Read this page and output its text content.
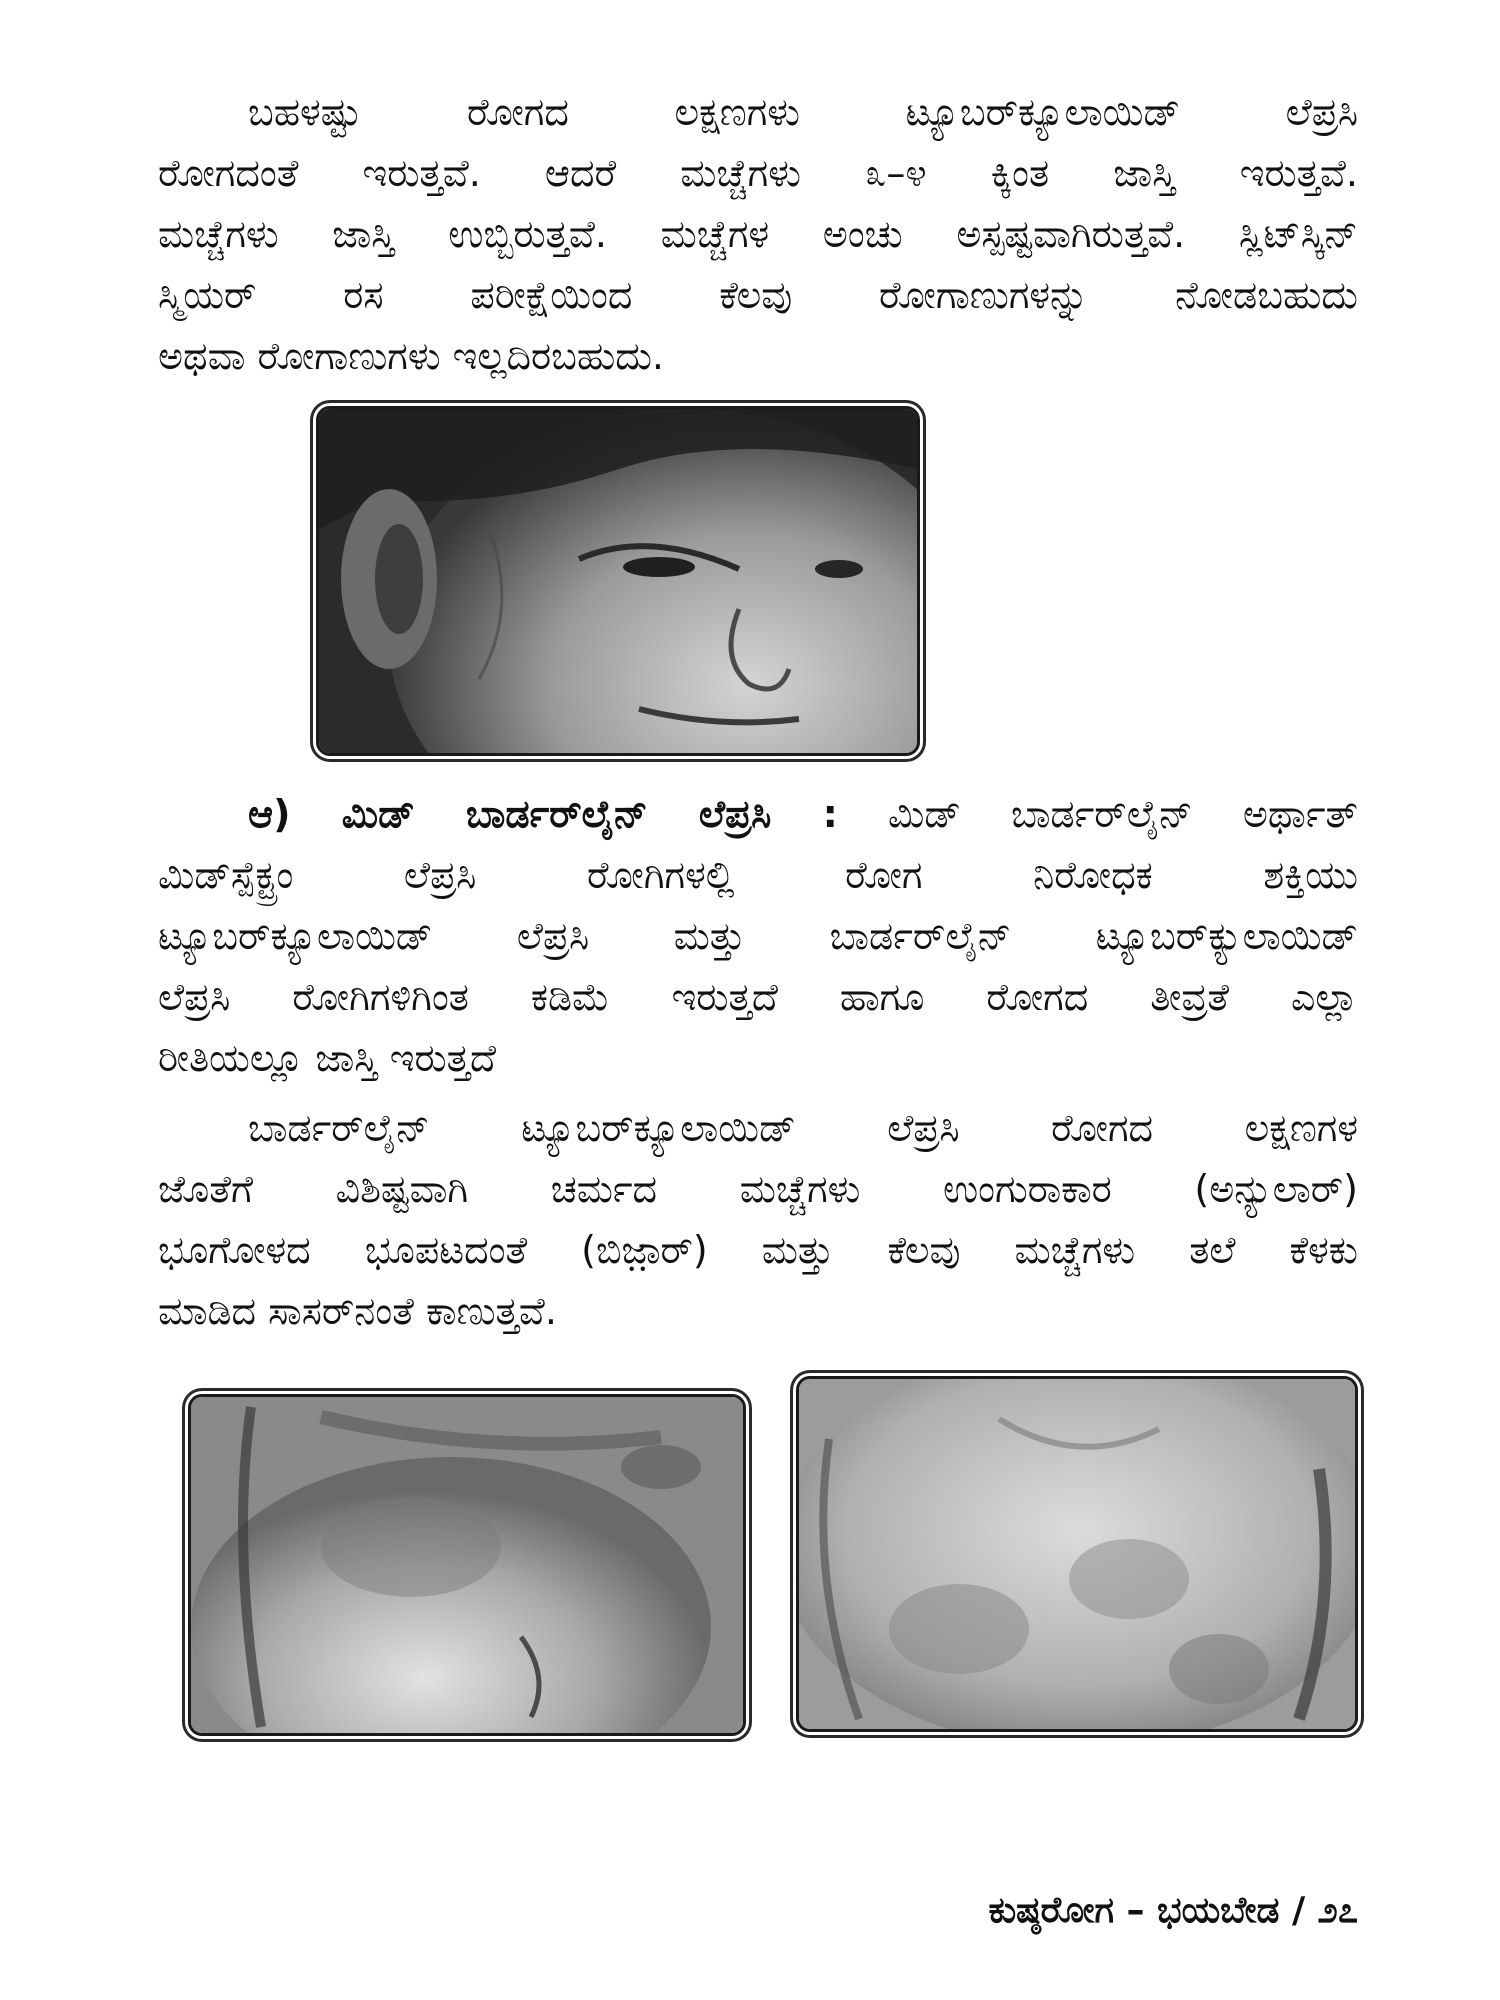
ಬಹಳಷ್ಟು ರೋಗದ ಲಕ್ಷಣಗಳು ಟ್ಯೂಬರ್‌ಕ್ಯೂಲಾಯಿಡ್ ಲೆಪ್ರಸಿ
ರೋಗದಂತೆ ಇರುತ್ತವೆ. ಆದರೆ ಮಚ್ಚೆಗಳು ೩–೪ ಕ್ಕಿಂತ ಜಾಸ್ತಿ ಇರುತ್ತವೆ.
ಮಚ್ಚೆಗಳು ಜಾಸ್ತಿ ಉಬ್ಬಿರುತ್ತವೆ. ಮಚ್ಚೆಗಳ ಅಂಚು ಅಸ್ಪಷ್ಟವಾಗಿರುತ್ತವೆ. ಸ್ಲಿಟ್‌ಸ್ಕಿನ್
ಸ್ಮಿಯರ್ ರಸ ಪರೀಕ್ಷೆಯಿಂದ ಕೆಲವು ರೋಗಾಣುಗಳನ್ನು ನೋಡಬಹುದು
ಅಥವಾ ರೋಗಾಣುಗಳು ಇಲ್ಲದಿರಬಹುದು.
ಆ) ಮಿಡ್ ಬಾರ್ಡರ್‌ಲೈನ್ ಲೆಪ್ರಸಿ : ಮಿಡ್ ಬಾರ್ಡರ್‌ಲೈನ್ ಅರ್ಥಾತ್
ಮಿಡ್‌ಸ್ಪೆಕ್ಟ್ರಂ ಲೆಪ್ರಸಿ ರೋಗಿಗಳಲ್ಲಿ ರೋಗ ನಿರೋಧಕ ಶಕ್ತಿಯು
ಟ್ಯೂಬರ್‌ಕ್ಯೂಲಾಯಿಡ್ ಲೆಪ್ರಸಿ ಮತ್ತು ಬಾರ್ಡರ್‌ಲೈನ್ ಟ್ಯೂಬರ್‌ಕ್ಯುಲಾಯಿಡ್
ಲೆಪ್ರಸಿ ರೋಗಿಗಳಿಗಿಂತ ಕಡಿಮೆ ಇರುತ್ತದೆ ಹಾಗೂ ರೋಗದ ತೀವ್ರತೆ ಎಲ್ಲಾ
ರೀತಿಯಲ್ಲೂ ಜಾಸ್ತಿ ಇರುತ್ತದೆ
ಬಾರ್ಡರ್‌ಲೈನ್ ಟ್ಯೂಬರ್‌ಕ್ಯೂಲಾಯಿಡ್ ಲೆಪ್ರಸಿ ರೋಗದ ಲಕ್ಷಣಗಳ
ಜೊತೆಗೆ ವಿಶಿಷ್ಟವಾಗಿ ಚರ್ಮದ ಮಚ್ಚೆಗಳು ಉಂಗುರಾಕಾರ (ಅನ್ಯುಲಾರ್)
ಭೂಗೋಳದ ಭೂಪಟದಂತೆ (ಬಿಜ಼ಾರ್) ಮತ್ತು ಕೆಲವು ಮಚ್ಚೆಗಳು ತಲೆ ಕೆಳಕು
ಮಾಡಿದ ಸಾಸರ್‌ನಂತೆ ಕಾಣುತ್ತವೆ.
ಕುಷ್ಠರೋಗ – ಭಯಬೇಡ / ೨೭
